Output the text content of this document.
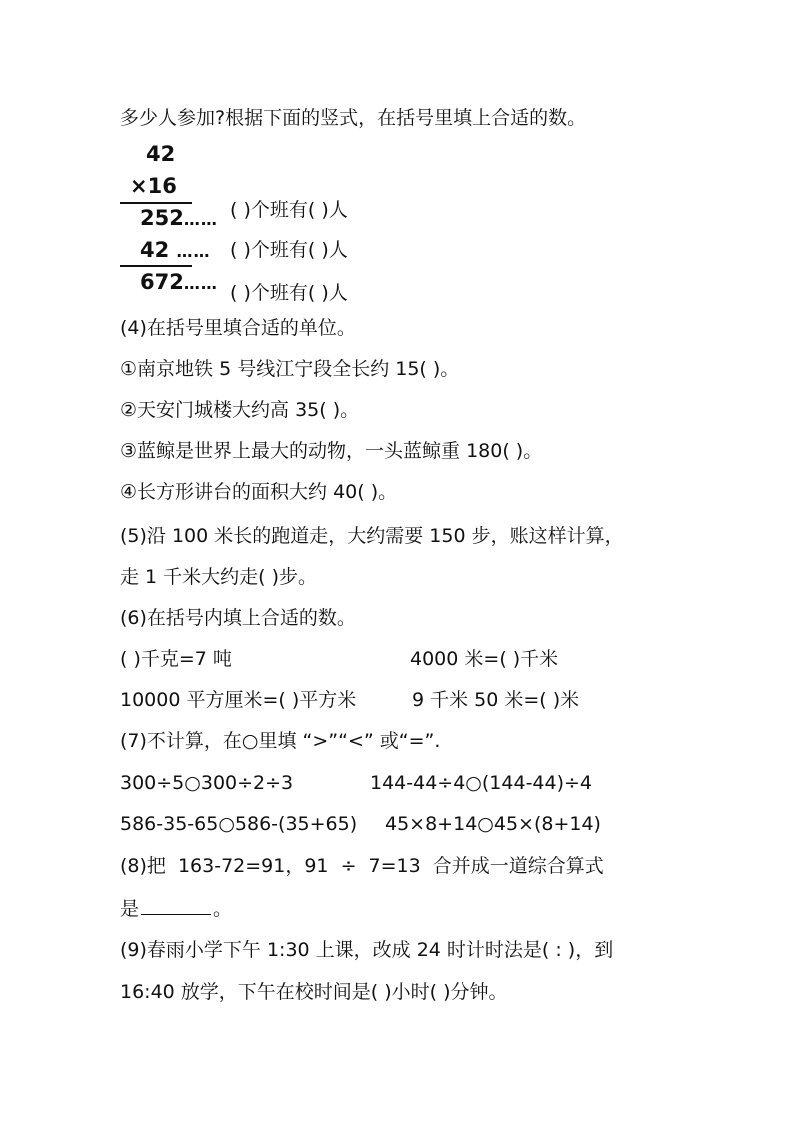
多少人参加?根据下面的竖式，在括号里填上合适的数。
42
×16
252……
42 ……
672……
( )个班有( )人
( )个班有( )人
( )个班有( )人
(4)在括号里填合适的单位。
①南京地铁 5 号线江宁段全长约 15( )。
②天安门城楼大约高 35( )。
③蓝鲸是世界上最大的动物，一头蓝鲸重 180( )。
④长方形讲台的面积大约 40( )。
(5)沿 100 米长的跑道走，大约需要 150 步，账这样计算，
走 1 千米大约走( )步。
(6)在括号内填上合适的数。
( )千克=7 吨	4000 米=( )千米
10000 平方厘米=( )平方米	9 千米 50 米=( )米
(7)不计算，在○里填 “>”“<” 或“=”.
300÷5○300÷2÷3	144-44÷4○(144-44)÷4
586-35-65○586-(35+65) 45×8+14○45×(8+14)
(8)把 163-72=91，91 ÷ 7=13 合并成一道综合算式
是	。
(9)春雨小学下午 1:30 上课，改成 24 时计时法是( : )，到
16:40 放学，下午在校时间是( )小时( )分钟。
